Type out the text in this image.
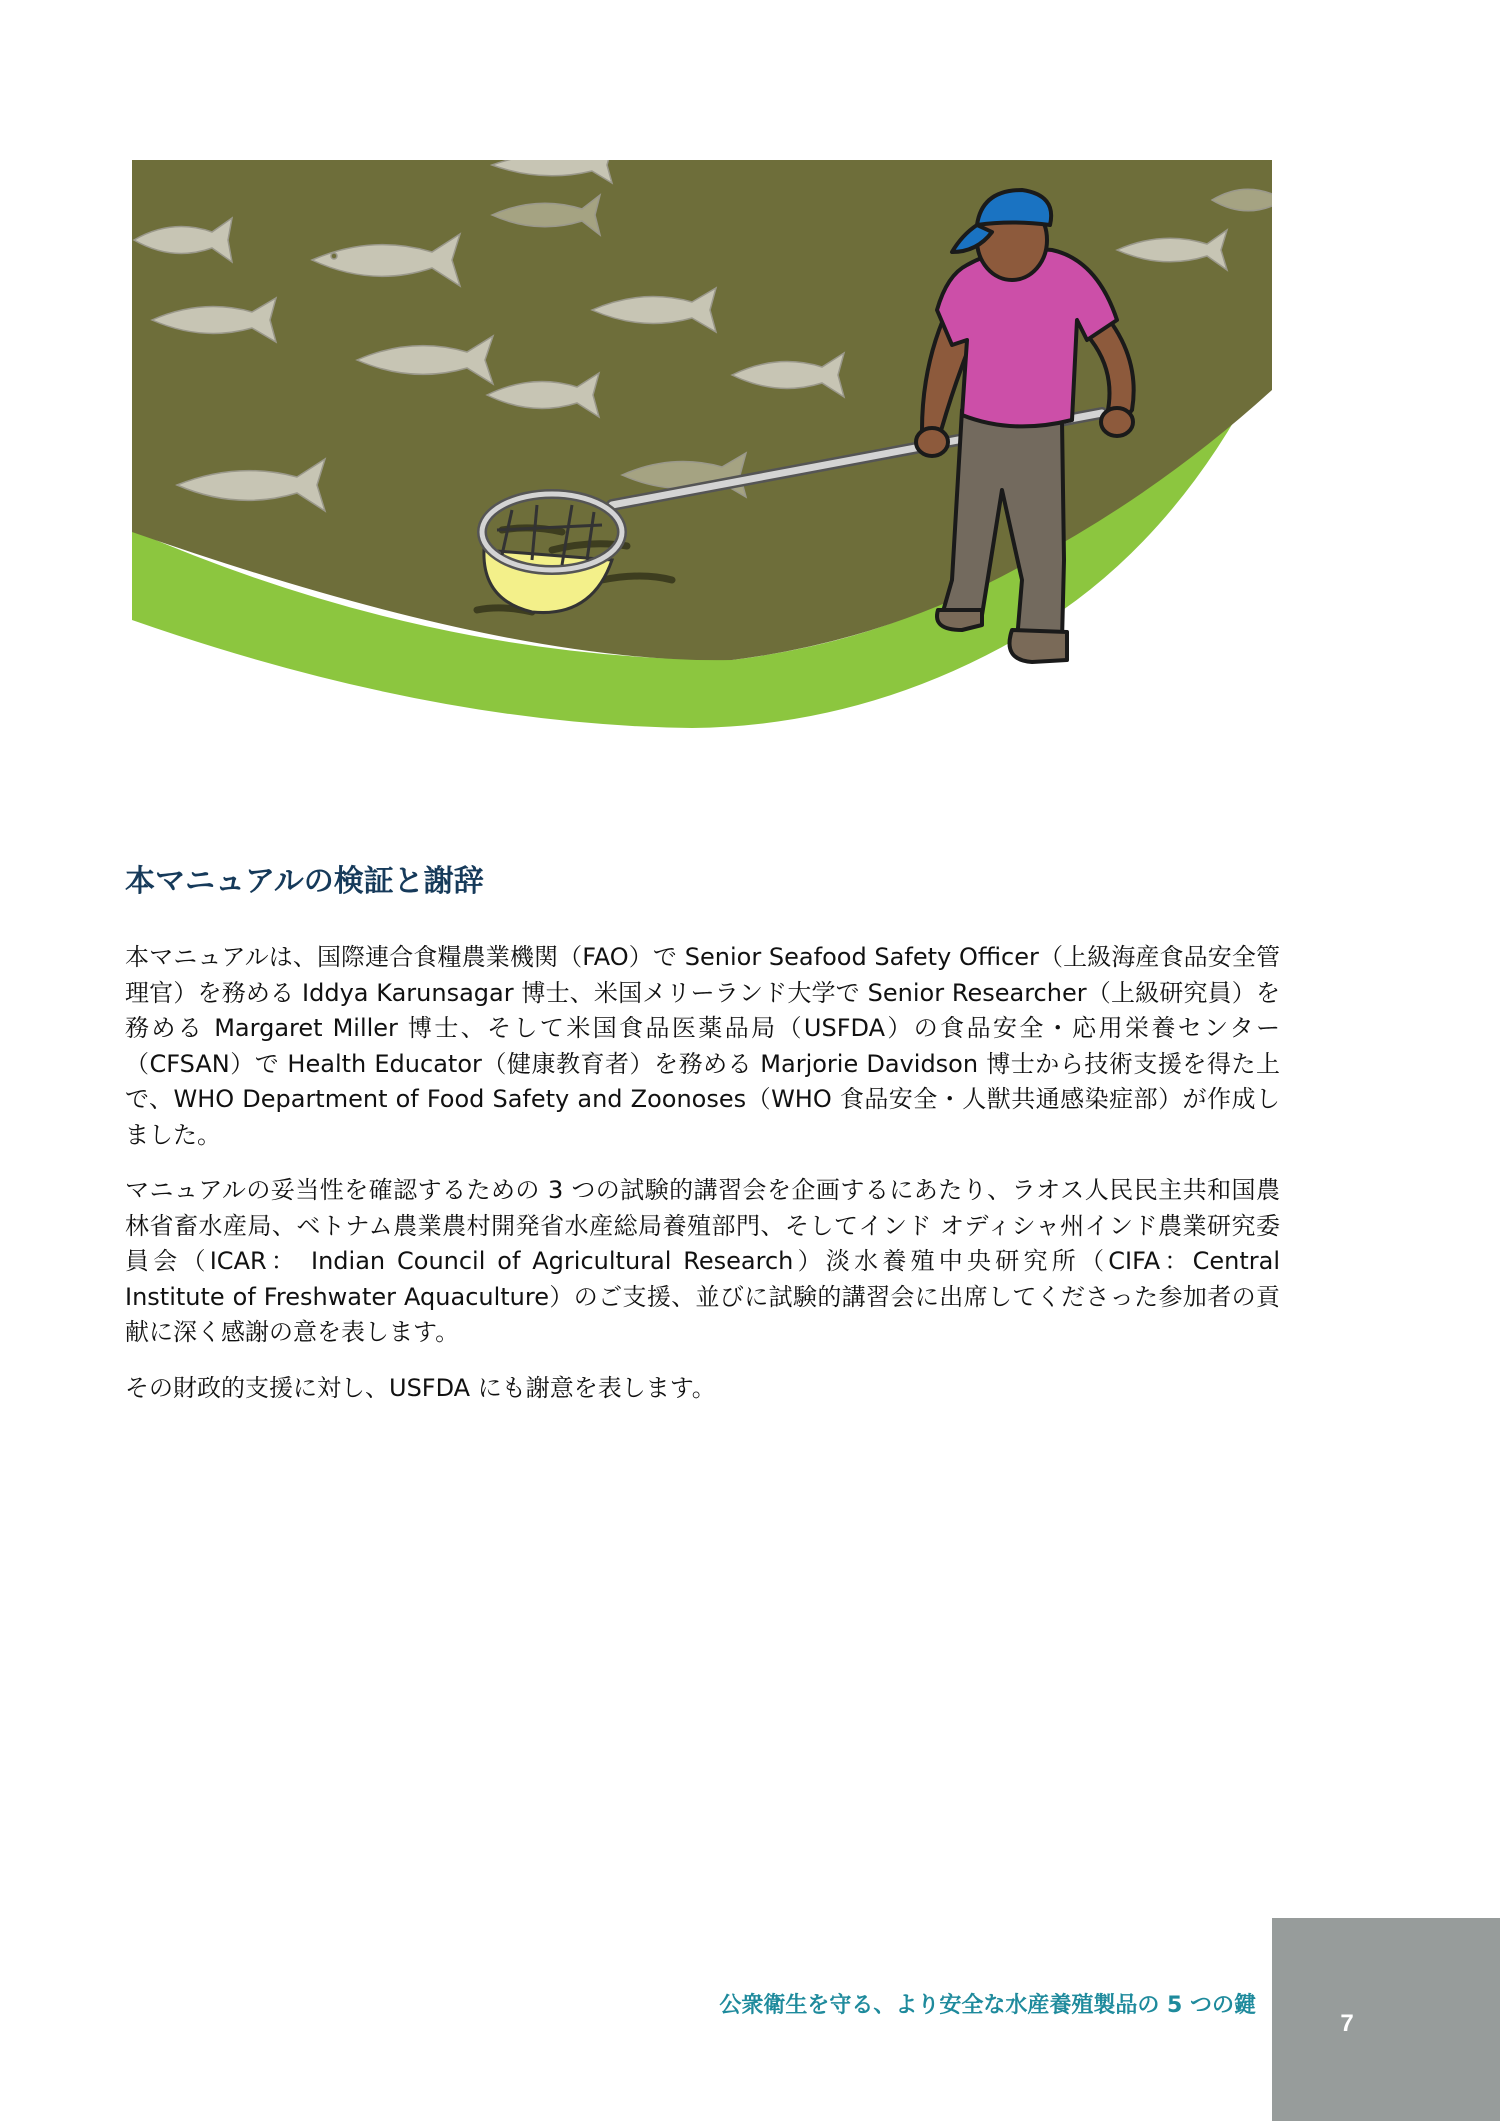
本マニュアルの検証と謝辞

本マニュアルは、国際連合食糧農業機関（FAO）で Senior Seafood Safety Officer（上級海産食品安全管理官）を務める Iddya Karunsagar 博士、米国メリーランド大学で Senior Researcher（上級研究員）を務める Margaret Miller 博士、そして米国食品医薬品局（USFDA）の食品安全・応用栄養センター（CFSAN）で Health Educator（健康教育者）を務める Marjorie Davidson 博士から技術支援を得た上で、WHO Department of Food Safety and Zoonoses（WHO 食品安全・人獣共通感染症部）が作成しました。

マニュアルの妥当性を確認するための 3 つの試験的講習会を企画するにあたり、ラオス人民民主共和国農林省畜水産局、ベトナム農業農村開発省水産総局養殖部門、そしてインド オディシャ州インド農業研究委員会（ICAR： Indian Council of Agricultural Research）淡水養殖中央研究所（CIFA：Central Institute of Freshwater Aquaculture）のご支援、並びに試験的講習会に出席してくださった参加者の貢献に深く感謝の意を表します。

その財政的支援に対し、USFDA にも謝意を表します。

公衆衛生を守る、より安全な水産養殖製品の 5 つの鍵
7
